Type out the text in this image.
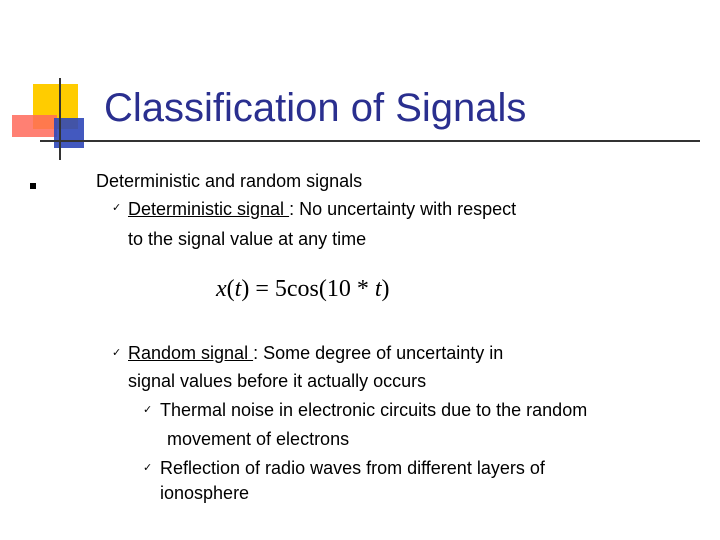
Classification of Signals
Deterministic and random signals
✓ Deterministic signal : No uncertainty with respect
to the signal value at any time
x(t) = 5cos(10 * t)
✓ Random signal : Some degree of uncertainty in
signal values before it actually occurs
✓ Thermal noise in electronic circuits due to the random
movement of electrons
✓ Reflection of radio waves from different layers of
ionosphere
